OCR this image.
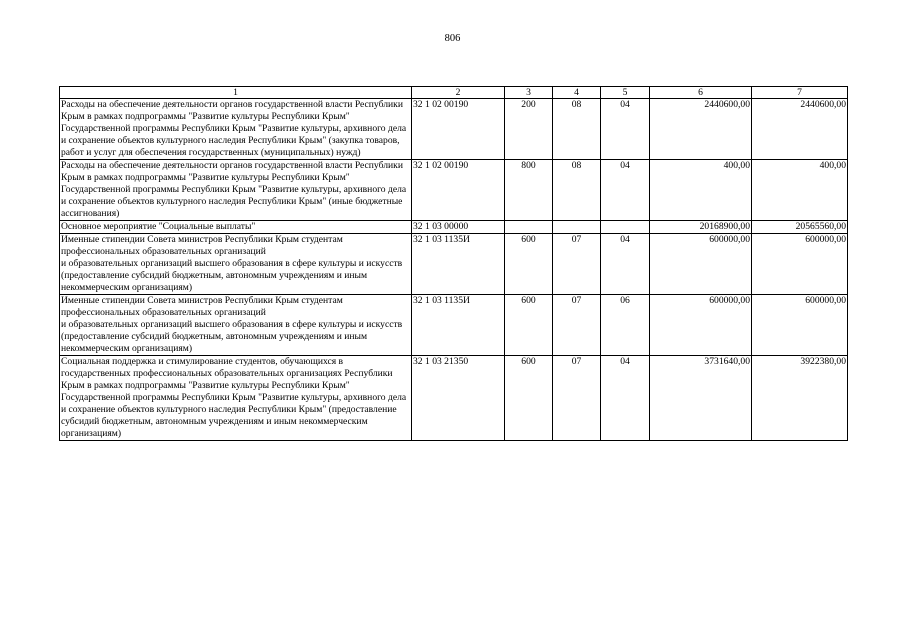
806
1	2	3	4	5	6	7
Расходы на обеспечение деятельности органов государственной власти Республики Крым в рамках подпрограммы "Развитие культуры Республики Крым" Государственной программы Республики Крым "Развитие культуры, архивного дела и сохранение объектов культурного наследия Республики Крым" (закупка товаров, работ и услуг для обеспечения государственных (муниципальных) нужд)	32 1 02 00190	200	08	04	2440600,00	2440600,00
Расходы на обеспечение деятельности органов государственной власти Республики Крым в рамках подпрограммы "Развитие культуры Республики Крым" Государственной программы Республики Крым "Развитие культуры, архивного дела и сохранение объектов культурного наследия Республики Крым" (иные бюджетные ассигнования)	32 1 02 00190	800	08	04	400,00	400,00
Основное мероприятие "Социальные выплаты"	32 1 03 00000				20168900,00	20565560,00
Именные стипендии Совета министров Республики Крым студентам профессиональных образовательных организаций
и образовательных организаций высшего образования в сфере культуры и искусств (предоставление субсидий бюджетным, автономным учреждениям и иным некоммерческим организациям)	32 1 03 1135И	600	07	04	600000,00	600000,00
Именные стипендии Совета министров Республики Крым студентам профессиональных образовательных организаций
и образовательных организаций высшего образования в сфере культуры и искусств (предоставление субсидий бюджетным, автономным учреждениям и иным некоммерческим организациям)	32 1 03 1135И	600	07	06	600000,00	600000,00
Социальная поддержка и стимулирование студентов, обучающихся в государственных профессиональных образовательных организациях Республики Крым в рамках подпрограммы "Развитие культуры Республики Крым" Государственной программы Республики Крым "Развитие культуры, архивного дела и сохранение объектов культурного наследия Республики Крым" (предоставление субсидий бюджетным, автономным учреждениям и иным некоммерческим организациям)	32 1 03 21350	600	07	04	3731640,00	3922380,00
